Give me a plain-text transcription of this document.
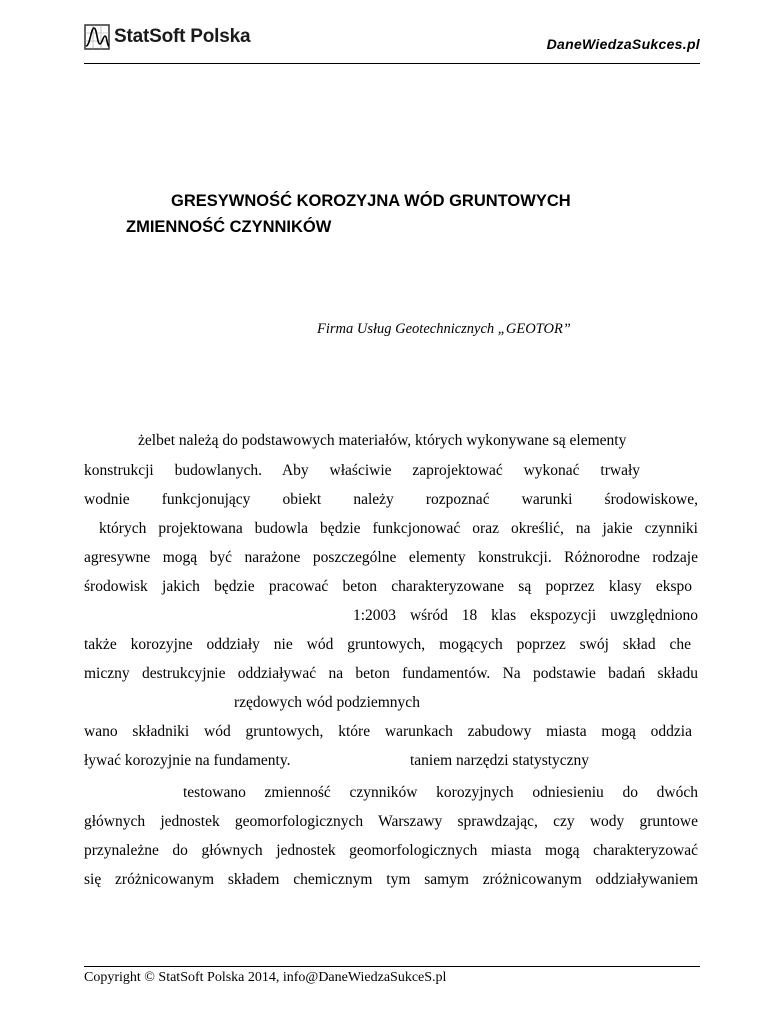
StatSoft Polska	DaneWiedzaSukces.pl
GRESYWNOŚĆ KOROZYJNA WÓD GRUNTOWYCH
ZMIENNOŚĆ CZYNNIKÓW
Firma Usług Geotechnicznych „GEOTOR”
żelbet należą do podstawowych materiałów, których wykonywane są elementy
konstrukcji budowlanych. Aby właściwie zaprojektować wykonać trwały
wodnie funkcjonujący obiekt należy rozpoznać warunki środowiskowe,
których projektowana budowla będzie funkcjonować oraz określić, na jakie czynniki
agresywne mogą być narażone poszczególne elementy konstrukcji. Różnorodne rodzaje
środowisk jakich będzie pracować beton charakteryzowane są poprzez klasy ekspo
1:2003 wśród 18 klas ekspozycji uwzględniono
także korozyjne oddziały nie wód gruntowych, mogących poprzez swój skład che
miczny destrukcyjnie oddziaływać na beton fundamentów. Na podstawie badań składu
rzędowych wód podziemnych
wano składniki wód gruntowych, które warunkach zabudowy miasta mogą oddzia
ływać korozyjnie na fundamenty.	taniem narzędzi statystyczny
testowano zmienność czynników korozyjnych odniesieniu do dwóch
głównych jednostek geomorfologicznych Warszawy sprawdzając, czy wody gruntowe
przynależne do głównych jednostek geomorfologicznych miasta mogą charakteryzować
się zróżnicowanym składem chemicznym tym samym zróżnicowanym oddziaływaniem
Copyright © StatSoft Polska 2014, info@DaneWiedzaSukceS.pl
